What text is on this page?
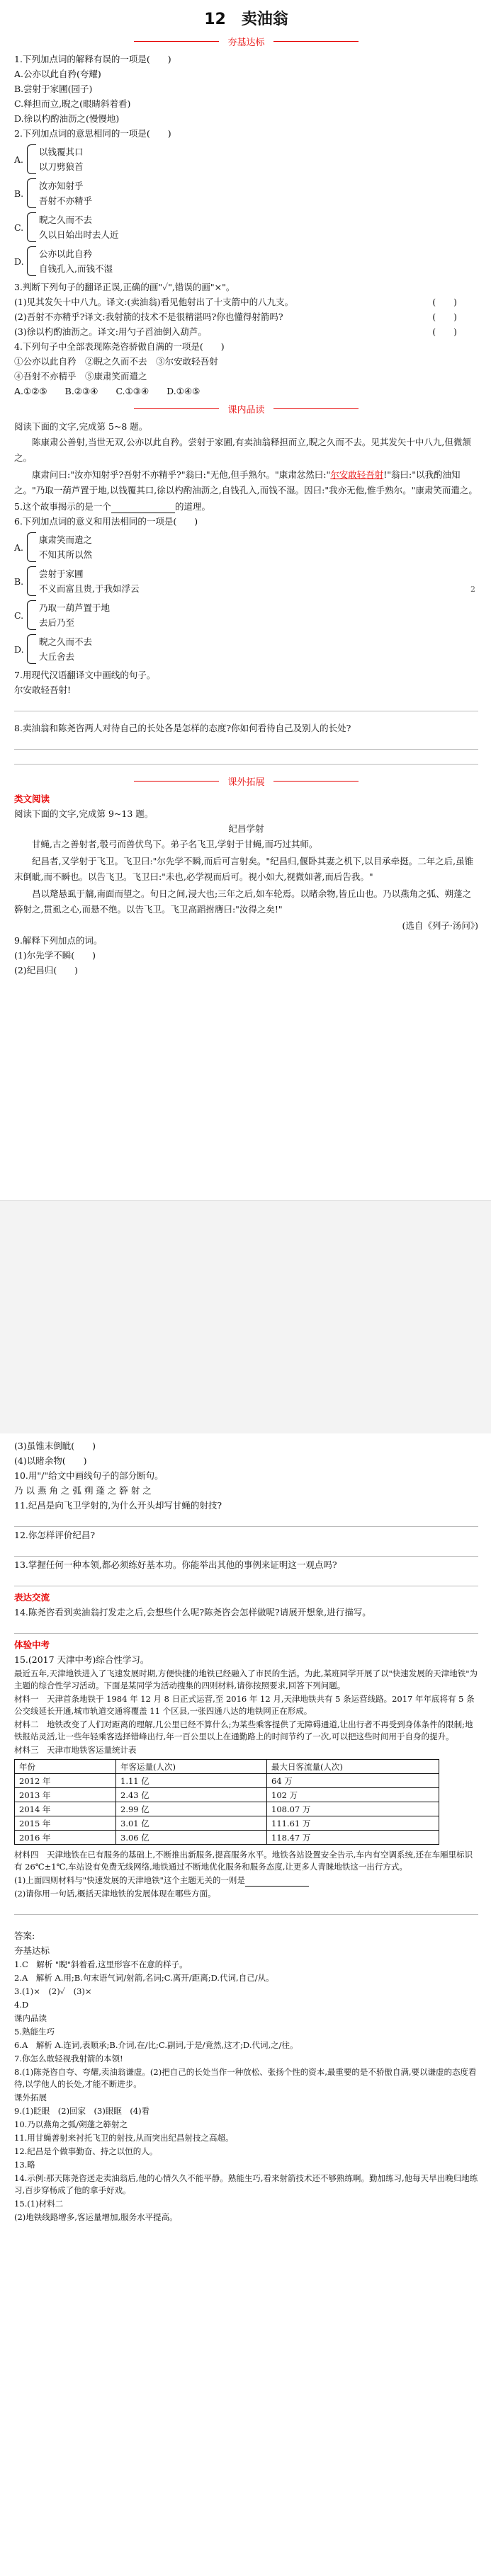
12　卖油翁
夯基达标
1.下列加点词的解释有误的一项是(　　)
A.公亦以此自矜(夸耀)
B.尝射于家圃(园子)
C.释担而立,睨之(眼睛斜着看)
D.徐以杓酌油沥之(慢慢地)
2.下列加点词的意思相同的一项是(　　)
A.
以钱覆其口
以刀劈狼首
B.
汝亦知射乎
吾射不亦精乎
C.
睨之久而不去
久以日始出时去人近
D.
公亦以此自矜
自钱孔入,而钱不湿
3.判断下列句子的翻译正误,正确的画"✓",错误的画"×"。
(1)见其发矢十中八九。译文:(卖油翁)看见他射出了十支箭中的八九支。	(　　)
(2)吾射不亦精乎?译文:我射箭的技术不是很精湛吗?你也懂得射箭吗?	(　　)
(3)徐以杓酌油沥之。译文:用勺子舀油倒入葫芦。	(　　)
4.下列句子中全部表现陈尧咨骄傲自满的一项是(　　)
①公亦以此自矜　 ②睨之久而不去　 ③尔安敢轻吾射
④吾射不亦精乎　 ⑤康肃笑而遣之
A.①②⑤　　 B.②③④　　 C.①③④　　 D.①④⑤
课内品读
阅读下面的文字,完成第 5~8 题。
陈康肃公善射,当世无双,公亦以此自矜。尝射于家圃,有卖油翁释担而立,睨之久而不去。见其发矢十中八九,但微颔之。
康肃问曰:"汝亦知射乎?吾射不亦精乎?"翁曰:"无他,但手熟尔。"康肃忿然曰:"尔安敢轻吾射!"翁曰:"以我酌油知之。"乃取一葫芦置于地,以钱覆其口,徐以杓酌油沥之,自钱孔入,而钱不湿。因曰:"我亦无他,惟手熟尔。"康肃笑而遣之。
5.这个故事揭示的是一个	的道理。
6.下列加点词的意义和用法相同的一项是(　　)
A.
康肃笑而遣之
不知其所以然
B.
尝射于家圃
不义而富且贵,于我如浮云
C.
乃取一葫芦置于地
去后乃至
D.
睨之久而不去
大丘舍去
7.用现代汉语翻译文中画线的句子。
尔安敢轻吾射!
8.卖油翁和陈尧咨两人对待自己的长处各是怎样的态度?你如何看待自己及别人的长处?
课外拓展
类文阅读
阅读下面的文字,完成第 9~13 题。
纪昌学射
甘蝇,古之善射者,彀弓而兽伏鸟下。弟子名飞卫,学射于甘蝇,而巧过其师。
纪昌者,又学射于飞卫。飞卫曰:"尔先学不瞬,而后可言射矣。"纪昌归,偃卧其妻之机下,以目承牵挺。二年之后,虽锥末倒眦,而不瞬也。以告飞卫。飞卫曰:"未也,必学视而后可。视小如大,视微如著,而后告我。"
昌以氂悬虱于牖,南面而望之。旬日之间,浸大也;三年之后,如车轮焉。以睹余物,皆丘山也。乃以燕角之弧、朔蓬之簳射之,贯虱之心,而悬不绝。以告飞卫。飞卫高蹈拊膺曰:"汝得之矣!"
(选自《列子·汤问》)
9.解释下列加点的词。
(1)尔先学不瞬(　　)
(2)纪昌归(　　)
2
(3)虽锥末倒眦(　　)
(4)以睹余物(　　)
10.用"/"给文中画线句子的部分断句。
乃 以 燕 角 之 弧 朔 蓬 之 簳 射 之
11.纪昌是向飞卫学射的,为什么开头却写甘蝇的射技?
12.你怎样评价纪昌?
13.掌握任何一种本领,都必须练好基本功。你能举出其他的事例来证明这一观点吗?
表达交流
14.陈尧咨看到卖油翁打发走之后,会想些什么呢?陈尧咨会怎样做呢?请展开想象,进行描写。
体验中考
15.(2017 天津中考)综合性学习。
最近五年,天津地铁进入了飞速发展时期,方便快捷的地铁已经融入了市民的生活。为此,某班同学开展了以"快速发展的天津地铁"为主题的综合性学习活动。下面是某同学为活动搜集的四则材料,请你按照要求,回答下列问题。
材料一　天津首条地铁于 1984 年 12 月 8 日正式运营,至 2016 年 12 月,天津地铁共有 5 条运营线路。2017 年年底将有 5 条公交线延长开通,城市轨道交通将覆盖 11 个区县,一张四通八达的地铁网正在形成。
材料二　地铁改变了人们对距离的理解,几公里已经不算什么;为某些乘客提供了无障碍通道,让出行者不再受到身体条件的限制;地铁报站灵活,让一些年轻乘客选择错峰出行,年一百公里以上在通勤路上的时间节约了一次,可以把这些时间用于自身的提升。
材料三　天津市地铁客运量统计表
年份	年客运量(人次)	最大日客流量(人次)
2012 年	1.11 亿	64 万
2013 年	2.43 亿	102 万
2014 年	2.99 亿	108.07 万
2015 年	3.01 亿	111.61 万
2016 年	3.06 亿	118.47 万
材料四　天津地铁在已有服务的基础上,不断推出新服务,提高服务水平。地铁各站设置安全告示,车内有空调系统,还在车厢里标识有 26℃±1℃,车站设有免费无线网络,地铁通过不断地优化服务和服务态度,让更多人青睐地铁这一出行方式。
(1)上面四则材料与"快速发展的天津地铁"这个主题无关的一则是
(2)请你用一句话,概括天津地铁的发展体现在哪些方面。
答案:
夯基达标
1.C　解析 "睨"斜着看,这里形容不在意的样子。
2.A　解析 A.用;B.句末语气词/射箭,名词;C.离开/距离;D.代词,自己/从。
3.(1)×　(2)✓　(3)×
4.D
课内品读
5.熟能生巧
6.A　解析 A.连词,表顺承;B.介词,在/比;C.副词,于是/竟然,这才;D.代词,之/往。
7.你怎么敢轻视我射箭的本领!
8.(1)陈尧咨自夸、夸耀,卖油翁谦虚。(2)把自己的长处当作一种放松、张扬个性的资本,最重要的是不骄傲自满,要以谦虚的态度看待,以学他人的长处,才能不断进步。
课外拓展
9.(1)眨眼　(2)回家　(3)眼眶　(4)看
10.乃以燕角之弧/朔蓬之簳射之
11.用甘蝇善射来衬托飞卫的射技,从而突出纪昌射技之高超。
12.纪昌是个做事勤奋、持之以恒的人。
13.略
14.示例:那天陈尧咨送走卖油翁后,他的心情久久不能平静。熟能生巧,看来射箭技术还不够熟练啊。勤加练习,他每天早出晚归地练习,百步穿杨成了他的拿手好戏。
15.(1)材料二
(2)地铁线路增多,客运量增加,服务水平提高。
